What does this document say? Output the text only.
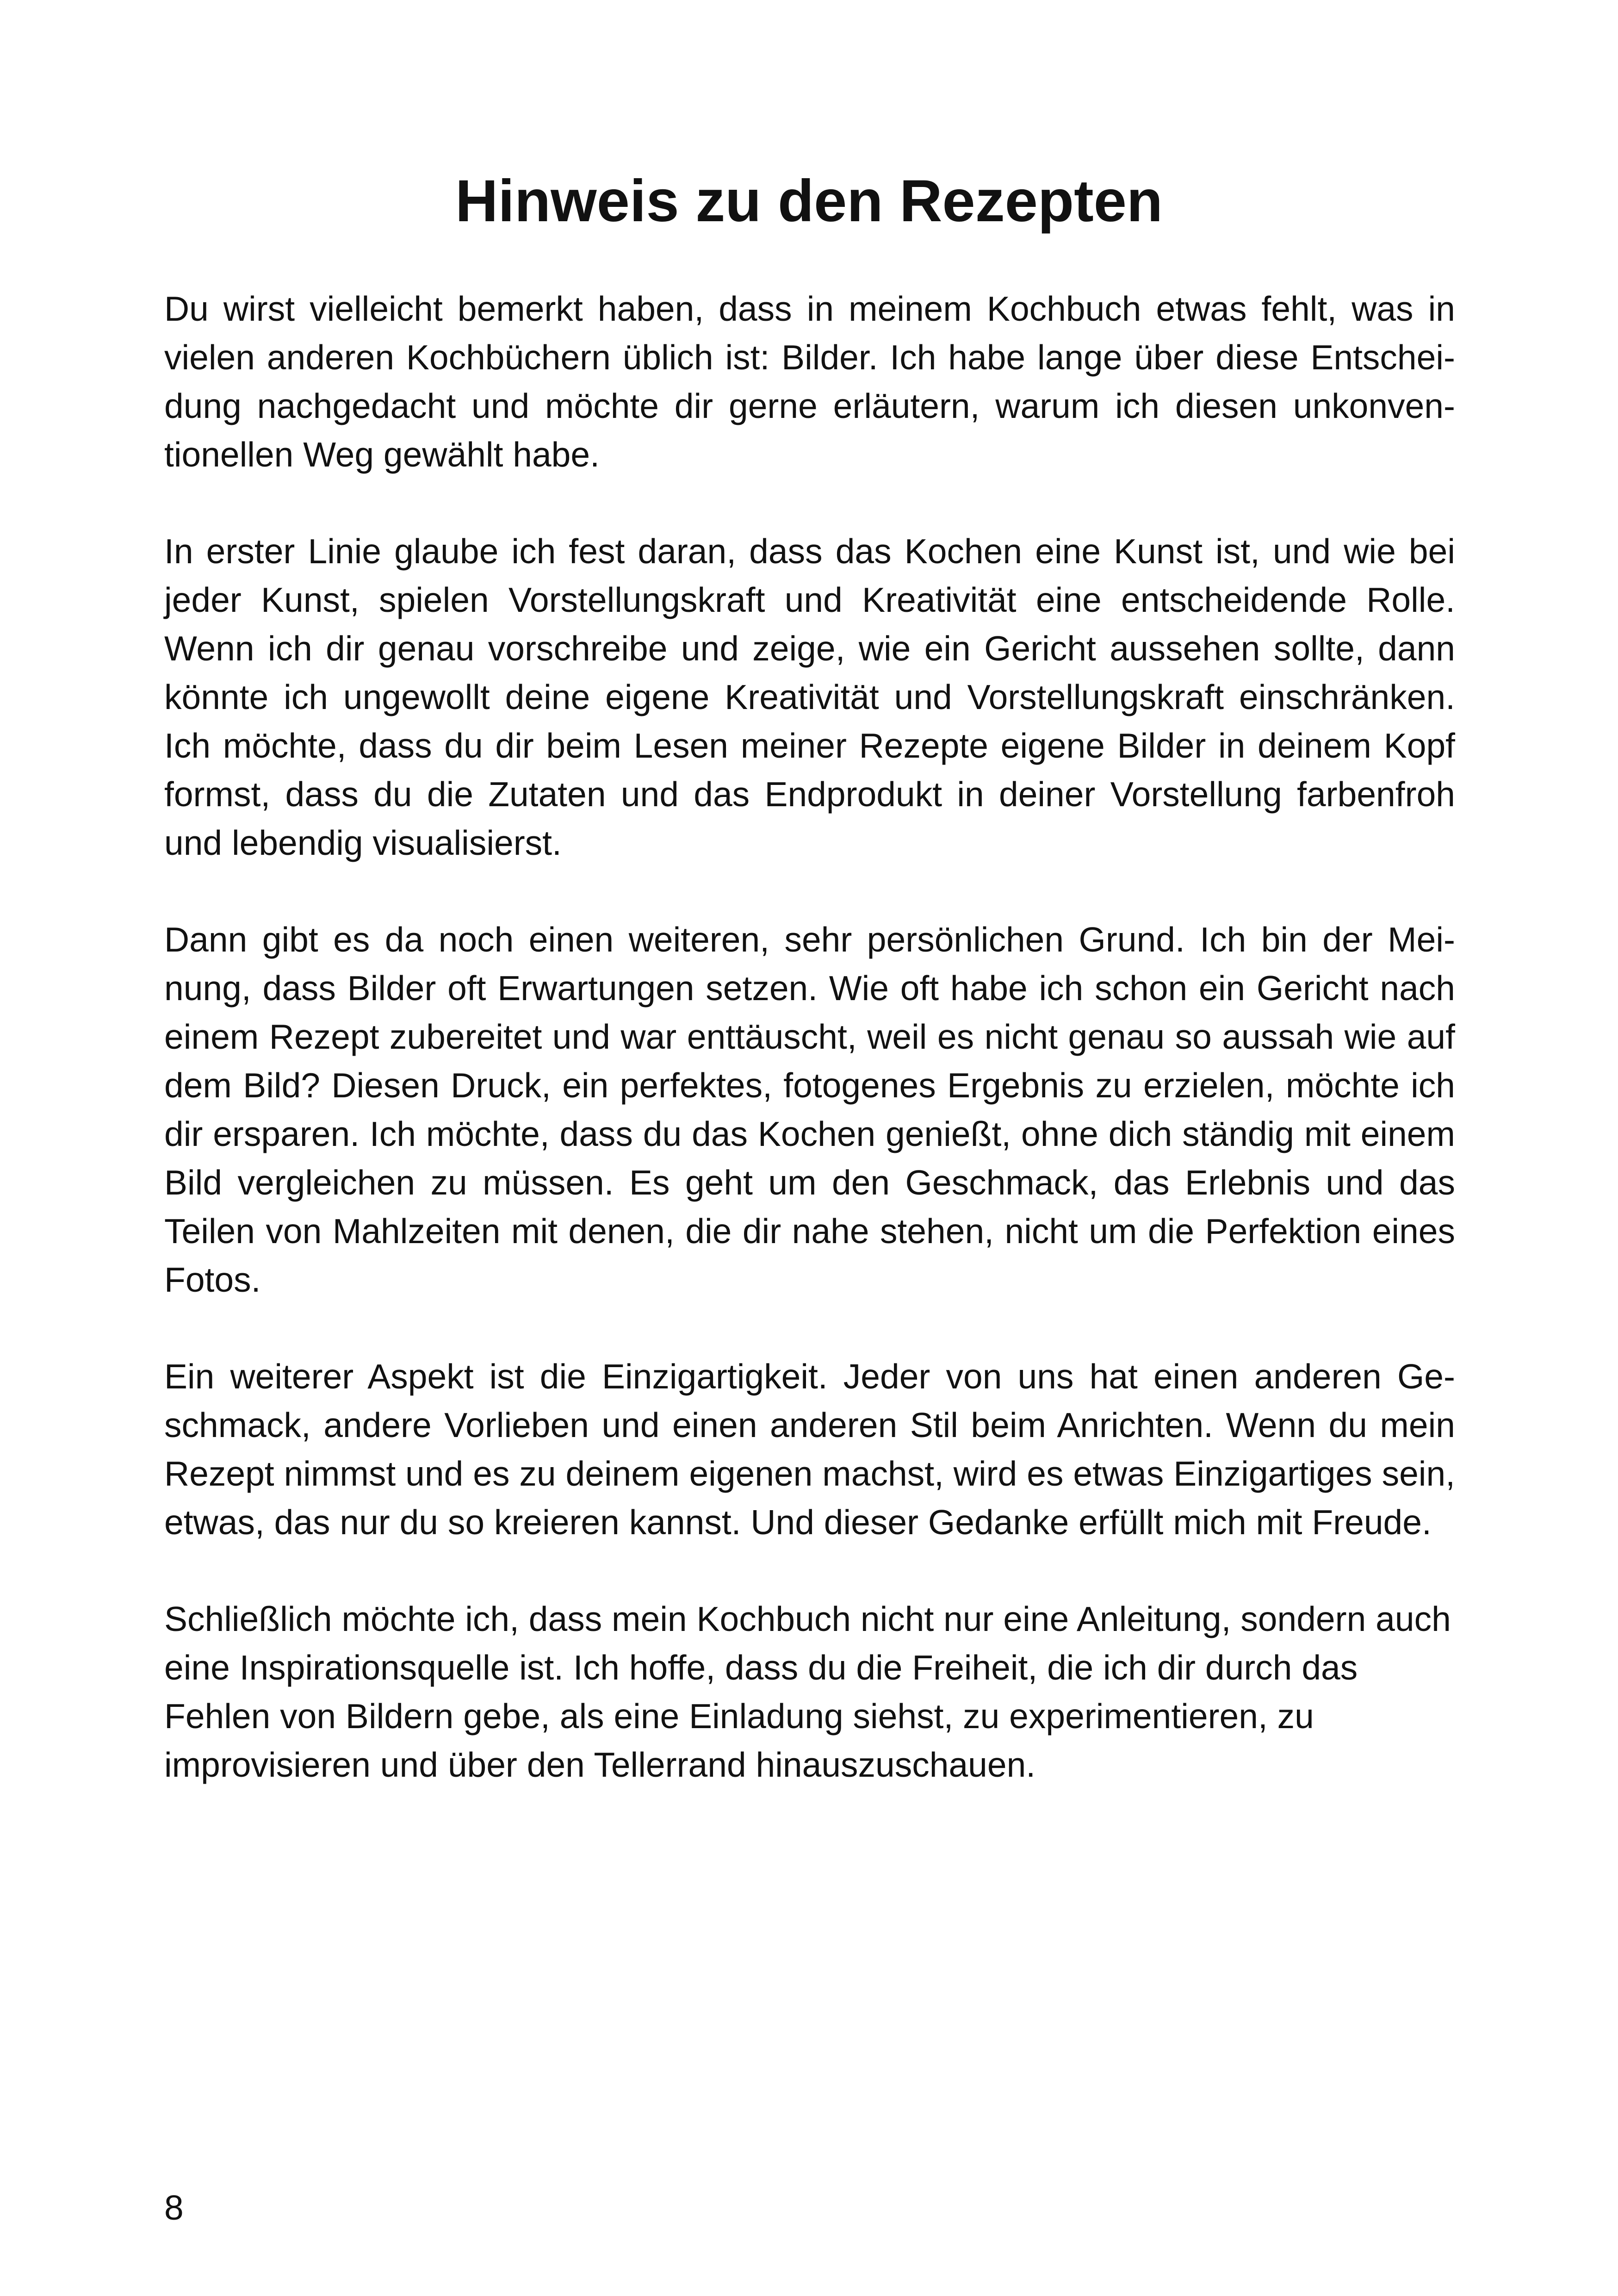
Hinweis zu den Rezepten

Du wirst vielleicht bemerkt haben, dass in meinem Kochbuch etwas fehlt, was in vielen anderen Kochbüchern üblich ist: Bilder. Ich habe lange über diese Entscheidung nachgedacht und möchte dir gerne erläutern, warum ich diesen unkonventionellen Weg gewählt habe.

In erster Linie glaube ich fest daran, dass das Kochen eine Kunst ist, und wie bei jeder Kunst, spielen Vorstellungskraft und Kreativität eine entscheidende Rolle. Wenn ich dir genau vorschreibe und zeige, wie ein Gericht aussehen sollte, dann könnte ich ungewollt deine eigene Kreativität und Vorstellungskraft einschränken. Ich möchte, dass du dir beim Lesen meiner Rezepte eigene Bilder in deinem Kopf formst, dass du die Zutaten und das Endprodukt in deiner Vorstellung farbenfroh und lebendig visualisierst.

Dann gibt es da noch einen weiteren, sehr persönlichen Grund. Ich bin der Meinung, dass Bilder oft Erwartungen setzen. Wie oft habe ich schon ein Gericht nach einem Rezept zubereitet und war enttäuscht, weil es nicht genau so aussah wie auf dem Bild? Diesen Druck, ein perfektes, fotogenes Ergebnis zu erzielen, möchte ich dir ersparen. Ich möchte, dass du das Kochen genießt, ohne dich ständig mit einem Bild vergleichen zu müssen. Es geht um den Geschmack, das Erlebnis und das Teilen von Mahlzeiten mit denen, die dir nahe stehen, nicht um die Perfektion eines Fotos.

Ein weiterer Aspekt ist die Einzigartigkeit. Jeder von uns hat einen anderen Geschmack, andere Vorlieben und einen anderen Stil beim Anrichten. Wenn du mein Rezept nimmst und es zu deinem eigenen machst, wird es etwas Einzigartiges sein, etwas, das nur du so kreieren kannst. Und dieser Gedanke erfüllt mich mit Freude.

Schließlich möchte ich, dass mein Kochbuch nicht nur eine Anleitung, sondern auch eine Inspirationsquelle ist. Ich hoffe, dass du die Freiheit, die ich dir durch das Fehlen von Bildern gebe, als eine Einladung siehst, zu experimentieren, zu improvisieren und über den Tellerrand hinauszuschauen.

8
